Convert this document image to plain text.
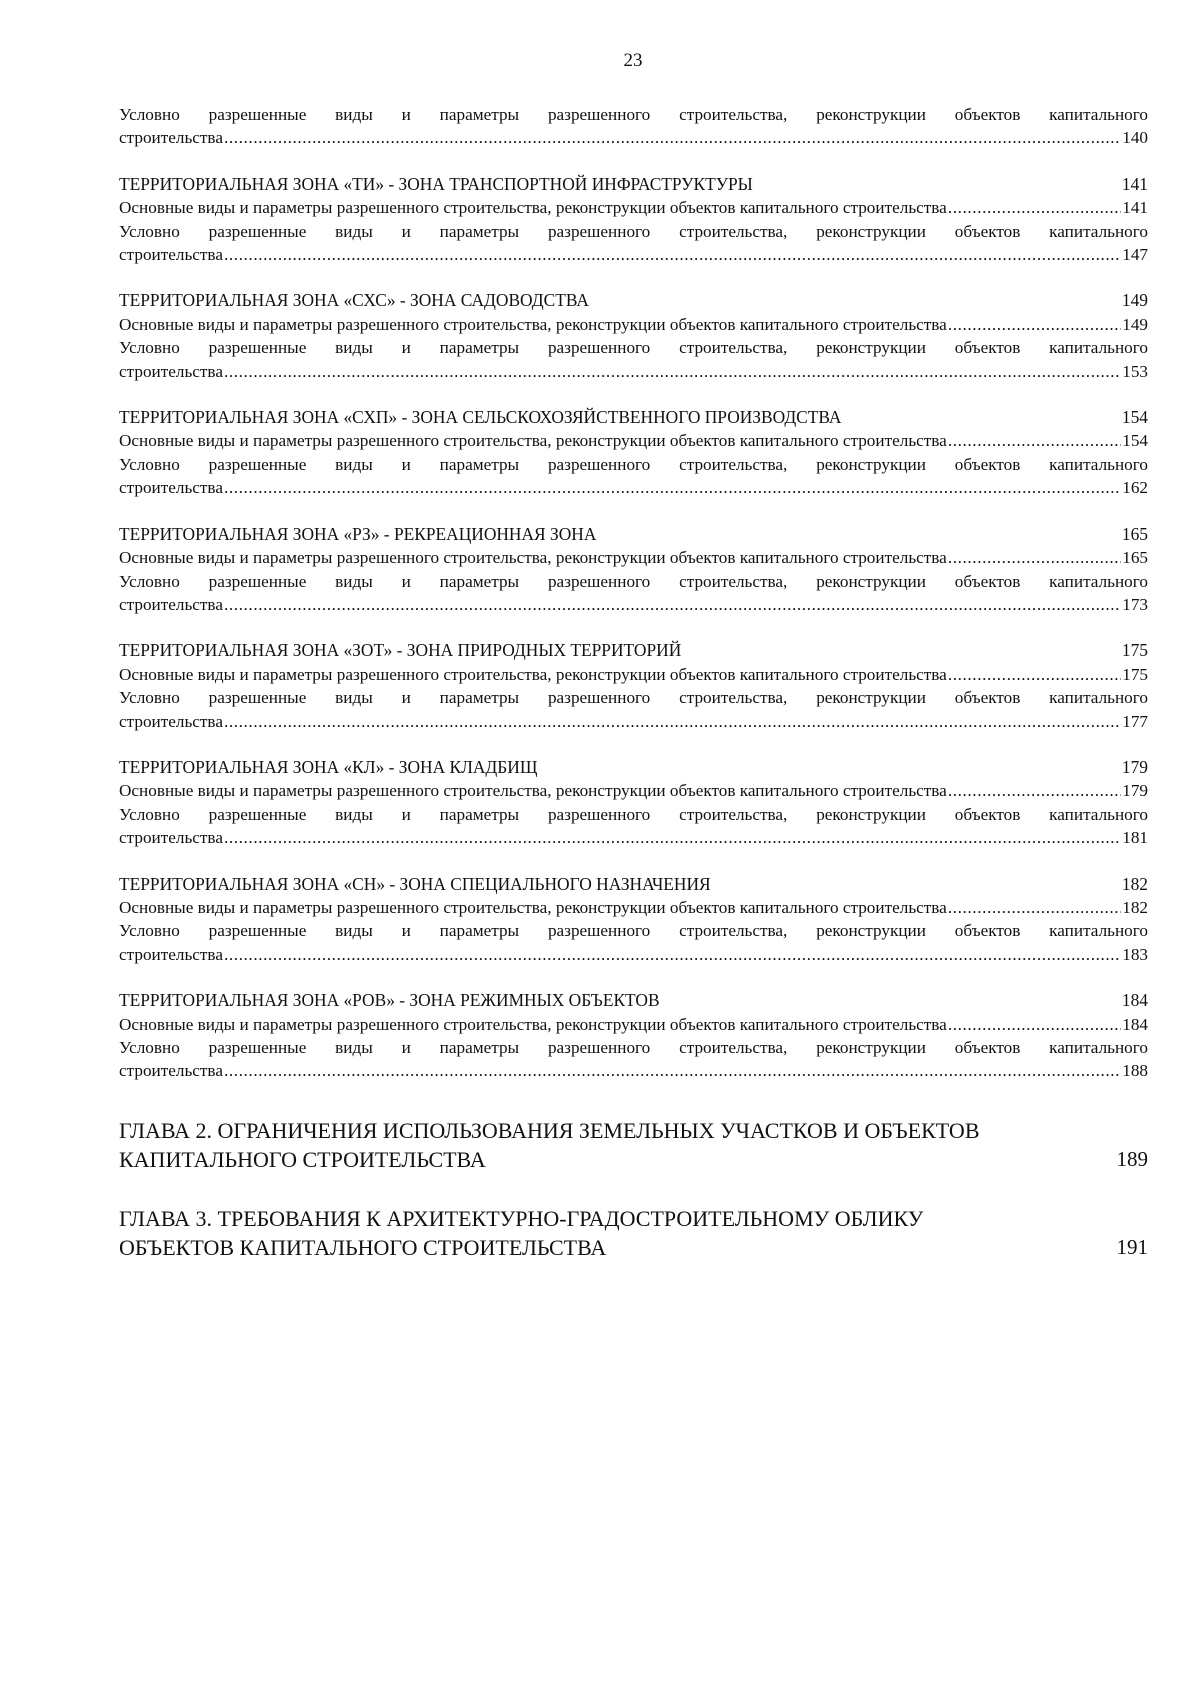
23
Условно разрешенные виды и параметры разрешенного строительства, реконструкции объектов капитального
строительства .....	140
ТЕРРИТОРИАЛЬНАЯ ЗОНА «ТИ» - ЗОНА ТРАНСПОРТНОЙ ИНФРАСТРУКТУРЫ	141
Основные виды и параметры разрешенного строительства, реконструкции объектов капитального строительства .....	141
Условно разрешенные виды и параметры разрешенного строительства, реконструкции объектов капитального
строительства .....	147
ТЕРРИТОРИАЛЬНАЯ ЗОНА «СХС» - ЗОНА САДОВОДСТВА	149
Основные виды и параметры разрешенного строительства, реконструкции объектов капитального строительства .....	149
Условно разрешенные виды и параметры разрешенного строительства, реконструкции объектов капитального
строительства .....	153
ТЕРРИТОРИАЛЬНАЯ ЗОНА «СХП» - ЗОНА СЕЛЬСКОХОЗЯЙСТВЕННОГО ПРОИЗВОДСТВА	154
Основные виды и параметры разрешенного строительства, реконструкции объектов капитального строительства .....	154
Условно разрешенные виды и параметры разрешенного строительства, реконструкции объектов капитального
строительства .....	162
ТЕРРИТОРИАЛЬНАЯ ЗОНА «РЗ» - РЕКРЕАЦИОННАЯ ЗОНА	165
Основные виды и параметры разрешенного строительства, реконструкции объектов капитального строительства .....	165
Условно разрешенные виды и параметры разрешенного строительства, реконструкции объектов капитального
строительства .....	173
ТЕРРИТОРИАЛЬНАЯ ЗОНА «ЗОТ» - ЗОНА ПРИРОДНЫХ ТЕРРИТОРИЙ	175
Основные виды и параметры разрешенного строительства, реконструкции объектов капитального строительства .....	175
Условно разрешенные виды и параметры разрешенного строительства, реконструкции объектов капитального
строительства .....	177
ТЕРРИТОРИАЛЬНАЯ ЗОНА «КЛ» - ЗОНА КЛАДБИЩ	179
Основные виды и параметры разрешенного строительства, реконструкции объектов капитального строительства .....	179
Условно разрешенные виды и параметры разрешенного строительства, реконструкции объектов капитального
строительства .....	181
ТЕРРИТОРИАЛЬНАЯ ЗОНА «СН» - ЗОНА СПЕЦИАЛЬНОГО НАЗНАЧЕНИЯ	182
Основные виды и параметры разрешенного строительства, реконструкции объектов капитального строительства .....	182
Условно разрешенные виды и параметры разрешенного строительства, реконструкции объектов капитального
строительства .....	183
ТЕРРИТОРИАЛЬНАЯ ЗОНА «РОВ» - ЗОНА РЕЖИМНЫХ ОБЪЕКТОВ	184
Основные виды и параметры разрешенного строительства, реконструкции объектов капитального строительства .....	184
Условно разрешенные виды и параметры разрешенного строительства, реконструкции объектов капитального
строительства .....	188
ГЛАВА 2. ОГРАНИЧЕНИЯ ИСПОЛЬЗОВАНИЯ ЗЕМЕЛЬНЫХ УЧАСТКОВ И ОБЪЕКТОВ
КАПИТАЛЬНОГО СТРОИТЕЛЬСТВА	189
ГЛАВА 3. ТРЕБОВАНИЯ К АРХИТЕКТУРНО-ГРАДОСТРОИТЕЛЬНОМУ ОБЛИКУ
ОБЪЕКТОВ КАПИТАЛЬНОГО СТРОИТЕЛЬСТВА	191
